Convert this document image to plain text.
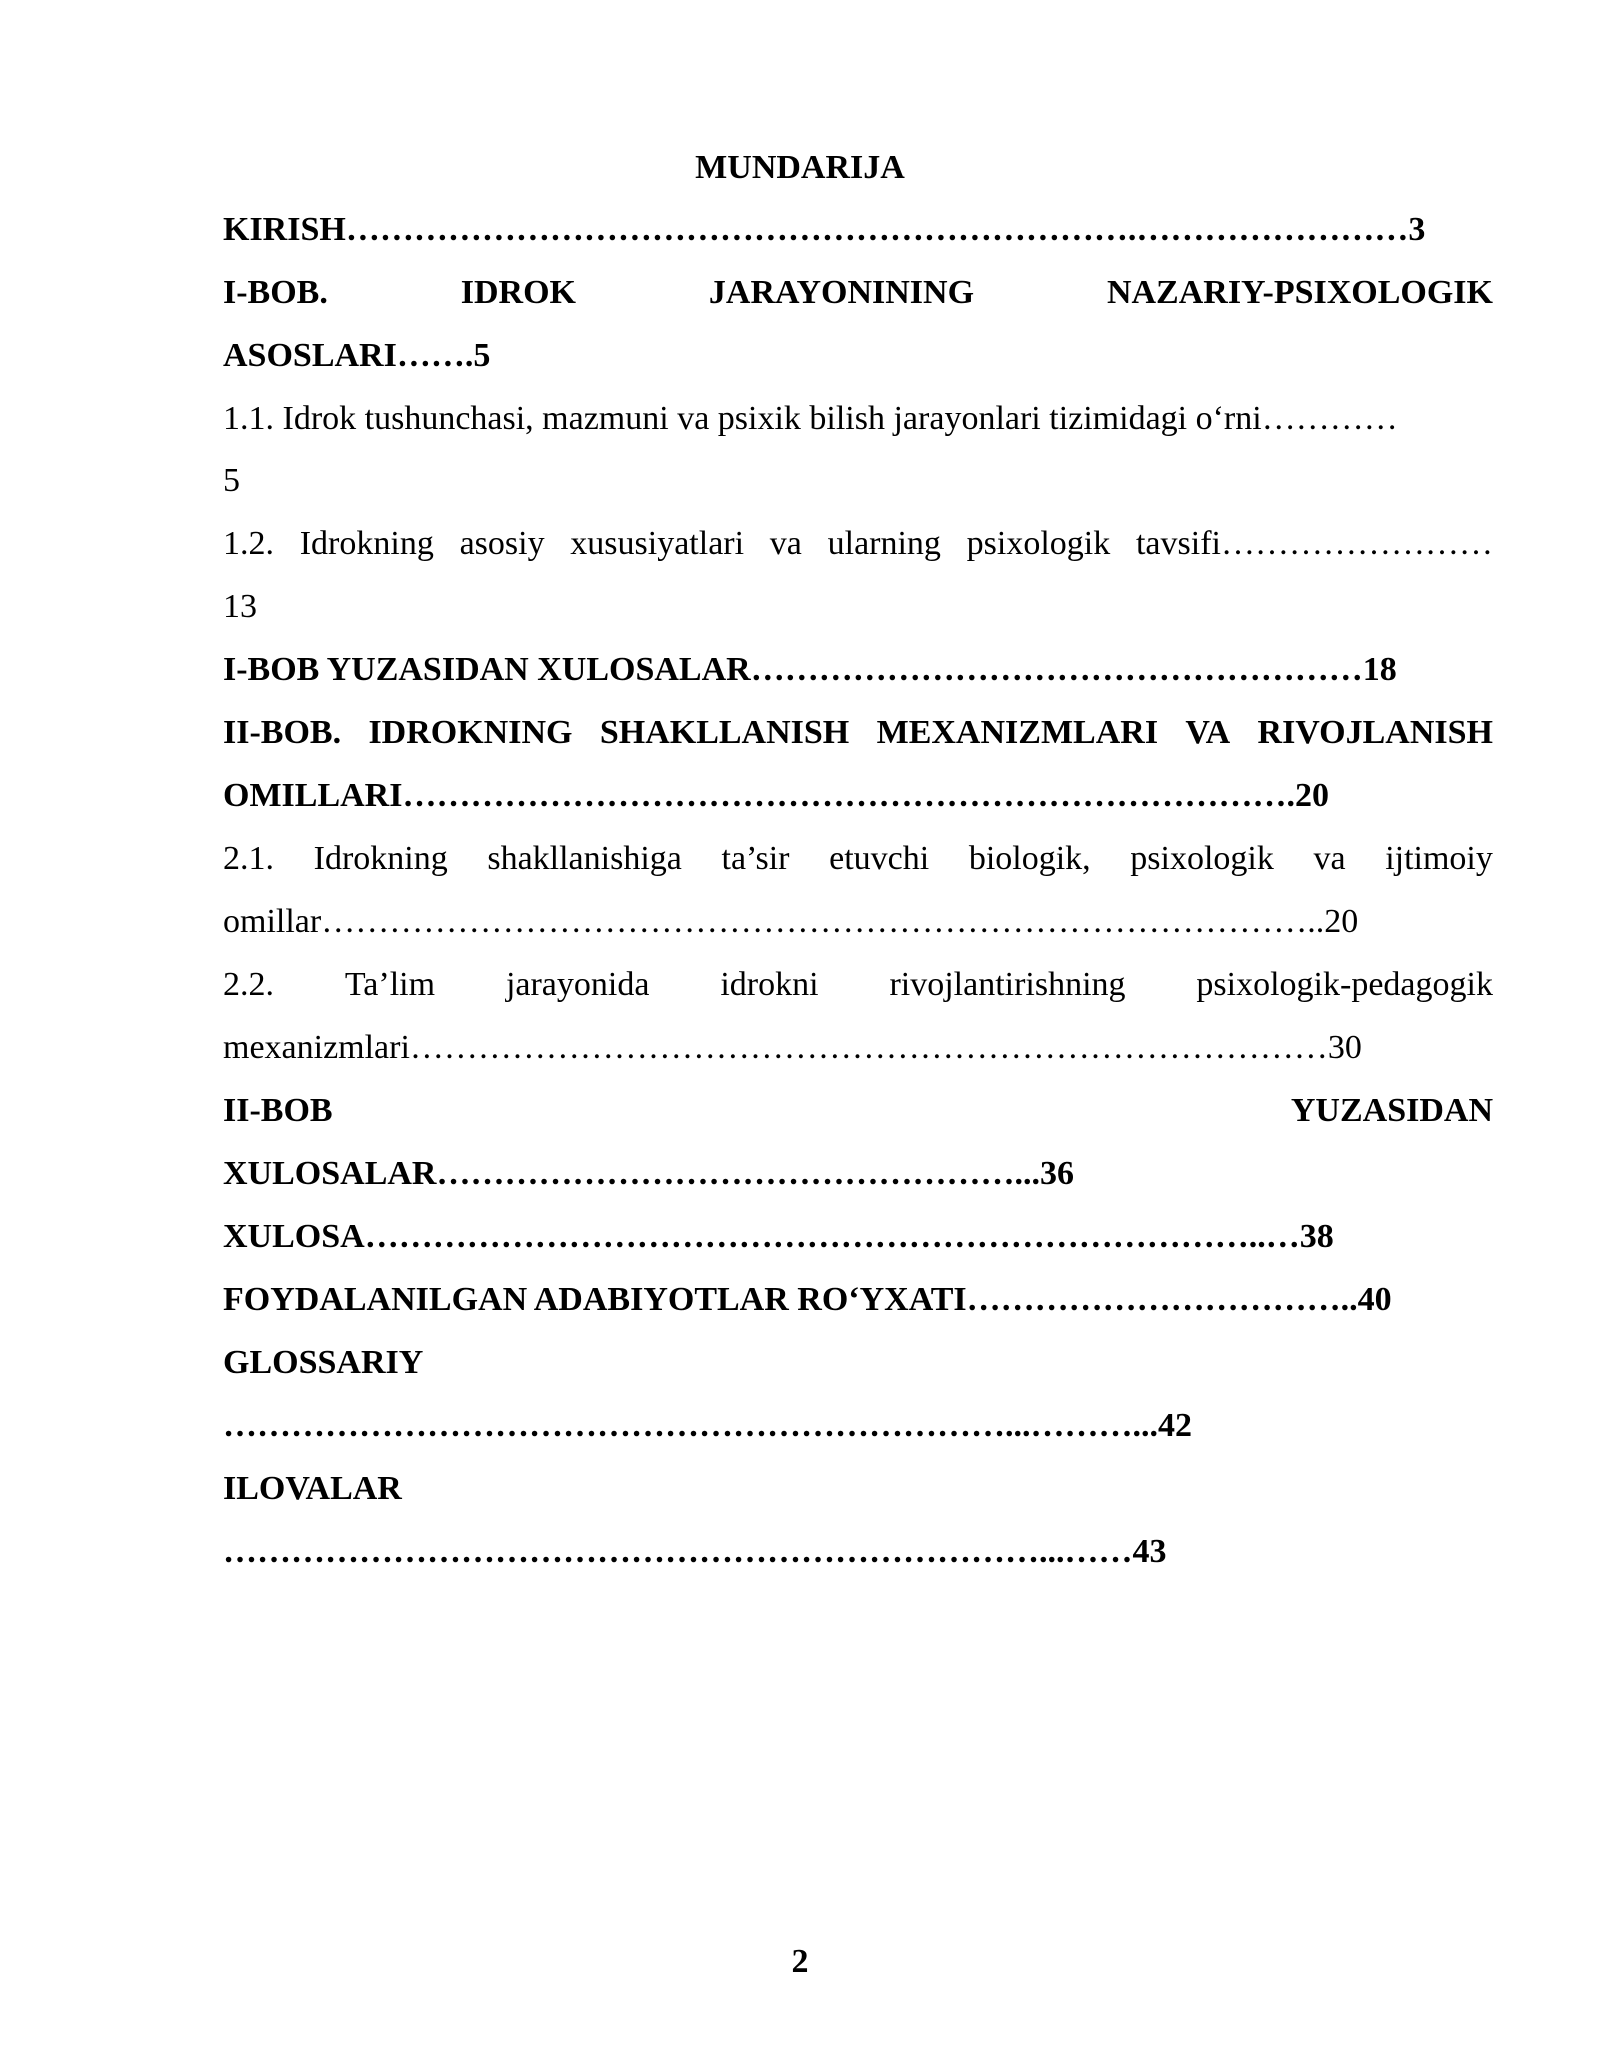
MUNDARIJA
KIRISH…………………………………………………………….……………………3
I-BOB.	IDROK	JARAYONINING	NAZARIY-PSIXOLOGIK
ASOSLARI…….5
1.1. Idrok tushunchasi, mazmuni va psixik bilish jarayonlari tizimidagi o‘rni…………
5
1.2. Idrokning asosiy xususiyatlari va ularning psixologik tavsifi……………………
13
I-BOB YUZASIDAN XULOSALAR………………………………………………18
II-BOB. IDROKNING SHAKLLANISH MEXANIZMLARI VA RIVOJLANISH
OMILLARI…………………………………………………………………….20
2.1. Idrokning shakllanishiga ta’sir etuvchi biologik, psixologik va ijtimoiy
omillar……………………………………………………………………………..20
2.2. Ta’lim jarayonida idrokni rivojlantirishning psixologik-pedagogik
mexanizmlari………………………………………………………………………30
II-BOB	YUZASIDAN
XULOSALAR……………………………………………...36
XULOSA……………………………………………………………………..…38
FOYDALANILGAN ADABIYOTLAR RO‘YXATI……………………………..40
GLOSSARIY
……………………………………………………………...………...42
ILOVALAR
………………………………………………………………...……43
2
